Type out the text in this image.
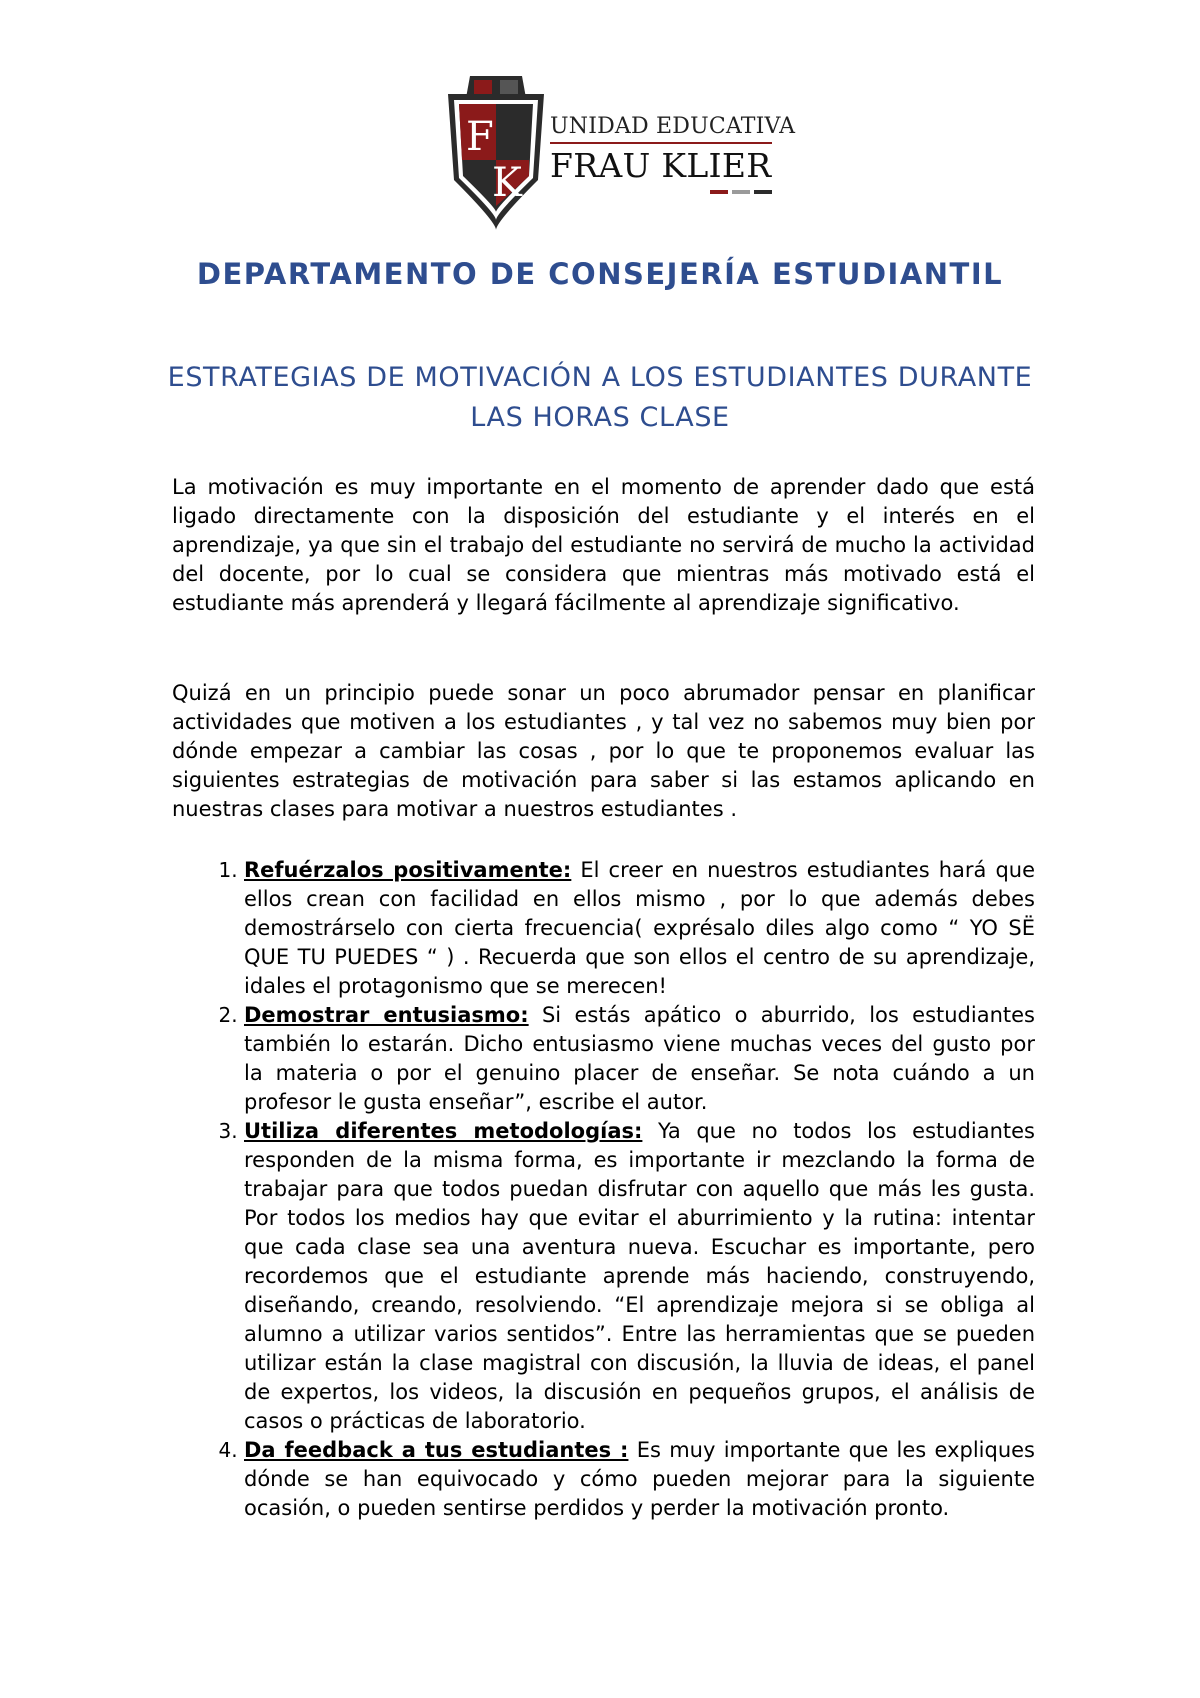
F
K
UNIDAD EDUCATIVA
FRAU KLIER
DEPARTAMENTO DE CONSEJERÍA ESTUDIANTIL
ESTRATEGIAS DE MOTIVACIÓN A LOS ESTUDIANTES DURANTE LAS HORAS CLASE

La motivación es muy importante en el momento de aprender dado que está ligado directamente con la disposición del estudiante y el interés en el aprendizaje, ya que sin el trabajo del estudiante no servirá de mucho la actividad del docente, por lo cual se considera que mientras más motivado está el estudiante más aprenderá y llegará fácilmente al aprendizaje significativo.

Quizá en un principio puede sonar un poco abrumador pensar en planificar actividades que motiven a los estudiantes , y tal vez no sabemos muy bien por dónde empezar a cambiar las cosas , por lo que te proponemos evaluar las siguientes estrategias de motivación para saber si las estamos aplicando en nuestras clases para motivar a nuestros estudiantes .

1. Refuérzalos positivamente: El creer en nuestros estudiantes hará que ellos crean con facilidad en ellos mismo , por lo que además debes demostrárselo con cierta frecuencia( exprésalo diles algo como “ YO SË QUE TU PUEDES “ ) . Recuerda que son ellos el centro de su aprendizaje, idales el protagonismo que se merecen!
2. Demostrar entusiasmo: Si estás apático o aburrido, los estudiantes también lo estarán. Dicho entusiasmo viene muchas veces del gusto por la materia o por el genuino placer de enseñar. Se nota cuándo a un profesor le gusta enseñar”, escribe el autor.
3. Utiliza diferentes metodologías: Ya que no todos los estudiantes responden de la misma forma, es importante ir mezclando la forma de trabajar para que todos puedan disfrutar con aquello que más les gusta. Por todos los medios hay que evitar el aburrimiento y la rutina: intentar que cada clase sea una aventura nueva. Escuchar es importante, pero recordemos que el estudiante aprende más haciendo, construyendo, diseñando, creando, resolviendo. “El aprendizaje mejora si se obliga al alumno a utilizar varios sentidos”. Entre las herramientas que se pueden utilizar están la clase magistral con discusión, la lluvia de ideas, el panel de expertos, los videos, la discusión en pequeños grupos, el análisis de casos o prácticas de laboratorio.
4. Da feedback a tus estudiantes : Es muy importante que les expliques dónde se han equivocado y cómo pueden mejorar para la siguiente ocasión, o pueden sentirse perdidos y perder la motivación pronto.
